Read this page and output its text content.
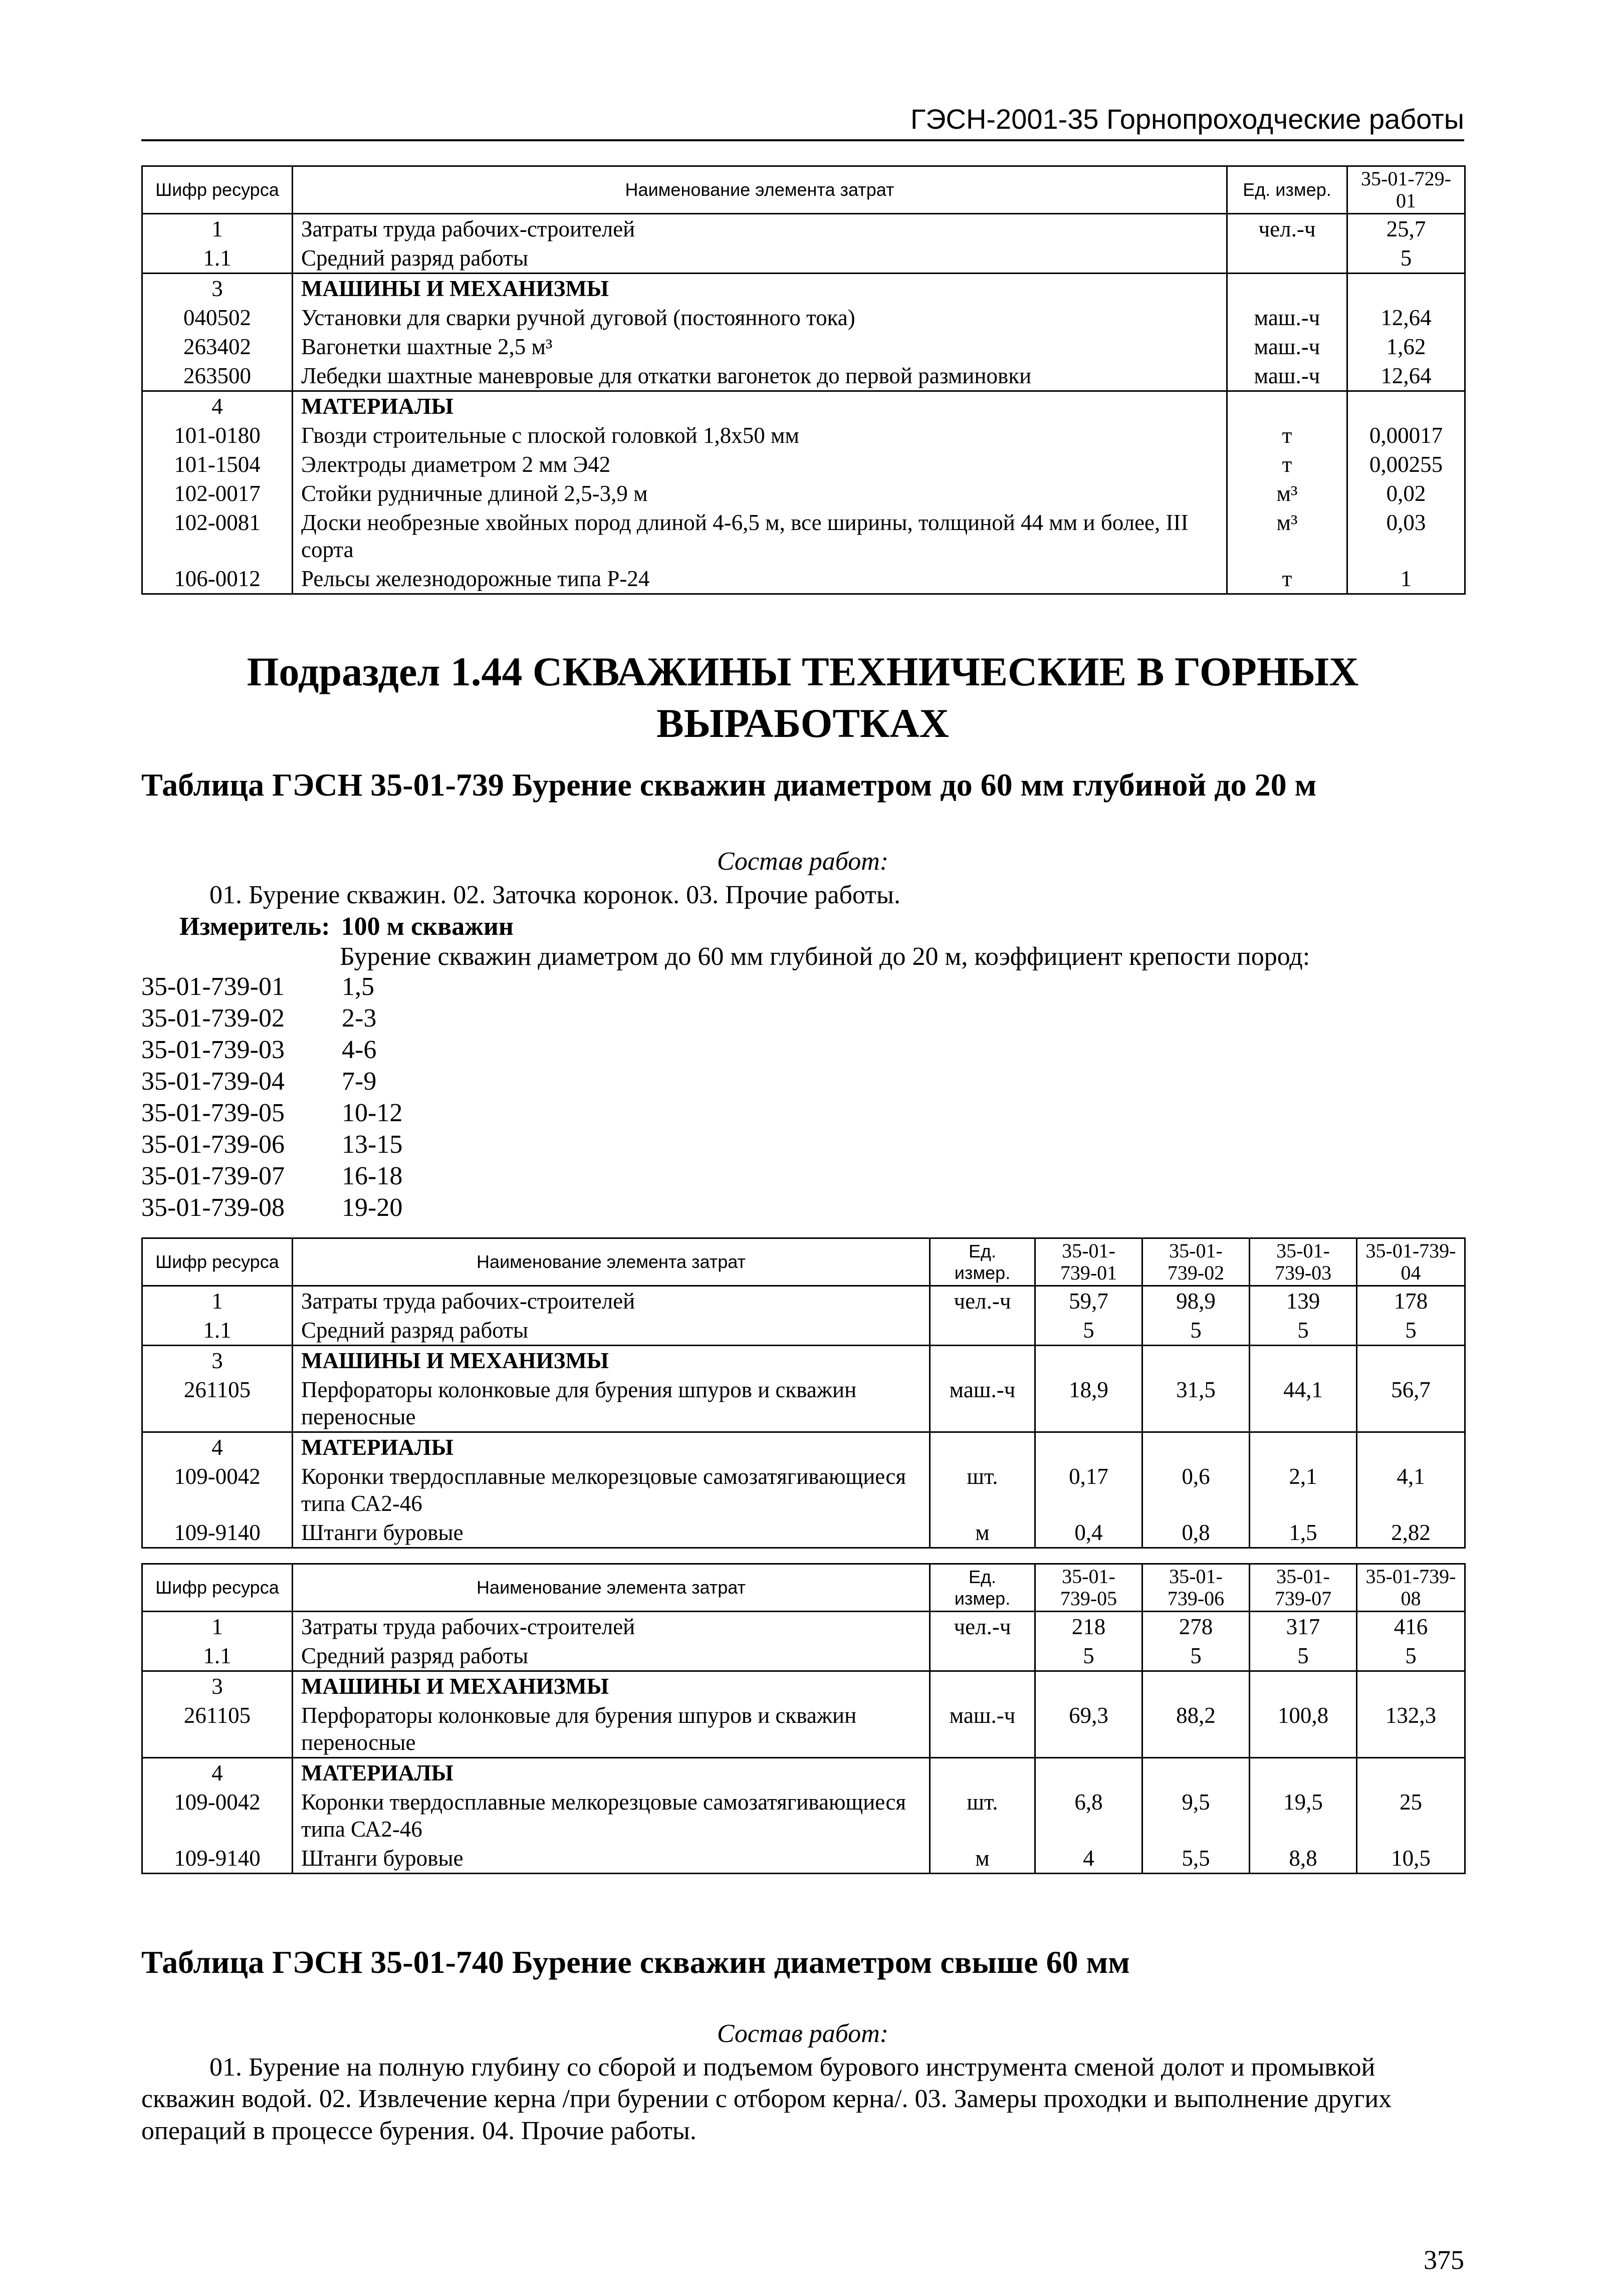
ГЭСН-2001-35 Горнопроходческие работы
Шифр ресурса	Наименование элемента затрат	Ед. измер.	35-01-729-01
1	Затраты труда рабочих-строителей	чел.-ч	25,7
1.1	Средний разряд работы		5
3	МАШИНЫ И МЕХАНИЗМЫ		
040502	Установки для сварки ручной дуговой (постоянного тока)	маш.-ч	12,64
263402	Вагонетки шахтные 2,5 м³	маш.-ч	1,62
263500	Лебедки шахтные маневровые для откатки вагонеток до первой разминовки	маш.-ч	12,64
4	МАТЕРИАЛЫ		
101-0180	Гвозди строительные с плоской головкой 1,8х50 мм	т	0,00017
101-1504	Электроды диаметром 2 мм Э42	т	0,00255
102-0017	Стойки рудничные длиной 2,5-3,9 м	м³	0,02
102-0081	Доски необрезные хвойных пород длиной 4-6,5 м, все ширины, толщиной 44 мм и более, III сорта	м³	0,03
106-0012	Рельсы железнодорожные типа Р-24	т	1
Подраздел 1.44 СКВАЖИНЫ ТЕХНИЧЕСКИЕ В ГОРНЫХ ВЫРАБОТКАХ
Таблица ГЭСН 35-01-739 Бурение скважин диаметром до 60 мм глубиной до 20 м
Состав работ:
01. Бурение скважин. 02. Заточка коронок. 03. Прочие работы.
Измеритель: 100 м скважин
Бурение скважин диаметром до 60 мм глубиной до 20 м, коэффициент крепости пород:
35-01-739-01	1,5
35-01-739-02	2-3
35-01-739-03	4-6
35-01-739-04	7-9
35-01-739-05	10-12
35-01-739-06	13-15
35-01-739-07	16-18
35-01-739-08	19-20
Шифр ресурса	Наименование элемента затрат	Ед. измер.	35-01-739-01	35-01-739-02	35-01-739-03	35-01-739-04
1	Затраты труда рабочих-строителей	чел.-ч	59,7	98,9	139	178
1.1	Средний разряд работы		5	5	5	5
3	МАШИНЫ И МЕХАНИЗМЫ					
261105	Перфораторы колонковые для бурения шпуров и скважин переносные	маш.-ч	18,9	31,5	44,1	56,7
4	МАТЕРИАЛЫ					
109-0042	Коронки твердосплавные мелкорезцовые самозатягивающиеся типа СА2-46	шт.	0,17	0,6	2,1	4,1
109-9140	Штанги буровые	м	0,4	0,8	1,5	2,82
Шифр ресурса	Наименование элемента затрат	Ед. измер.	35-01-739-05	35-01-739-06	35-01-739-07	35-01-739-08
1	Затраты труда рабочих-строителей	чел.-ч	218	278	317	416
1.1	Средний разряд работы		5	5	5	5
3	МАШИНЫ И МЕХАНИЗМЫ					
261105	Перфораторы колонковые для бурения шпуров и скважин переносные	маш.-ч	69,3	88,2	100,8	132,3
4	МАТЕРИАЛЫ					
109-0042	Коронки твердосплавные мелкорезцовые самозатягивающиеся типа СА2-46	шт.	6,8	9,5	19,5	25
109-9140	Штанги буровые	м	4	5,5	8,8	10,5
Таблица ГЭСН 35-01-740 Бурение скважин диаметром свыше 60 мм
Состав работ:
01. Бурение на полную глубину со сборой и подъемом бурового инструмента сменой долот и промывкой скважин водой. 02. Извлечение керна /при бурении с отбором керна/. 03. Замеры проходки и выполнение других операций в процессе бурения. 04. Прочие работы.
375
